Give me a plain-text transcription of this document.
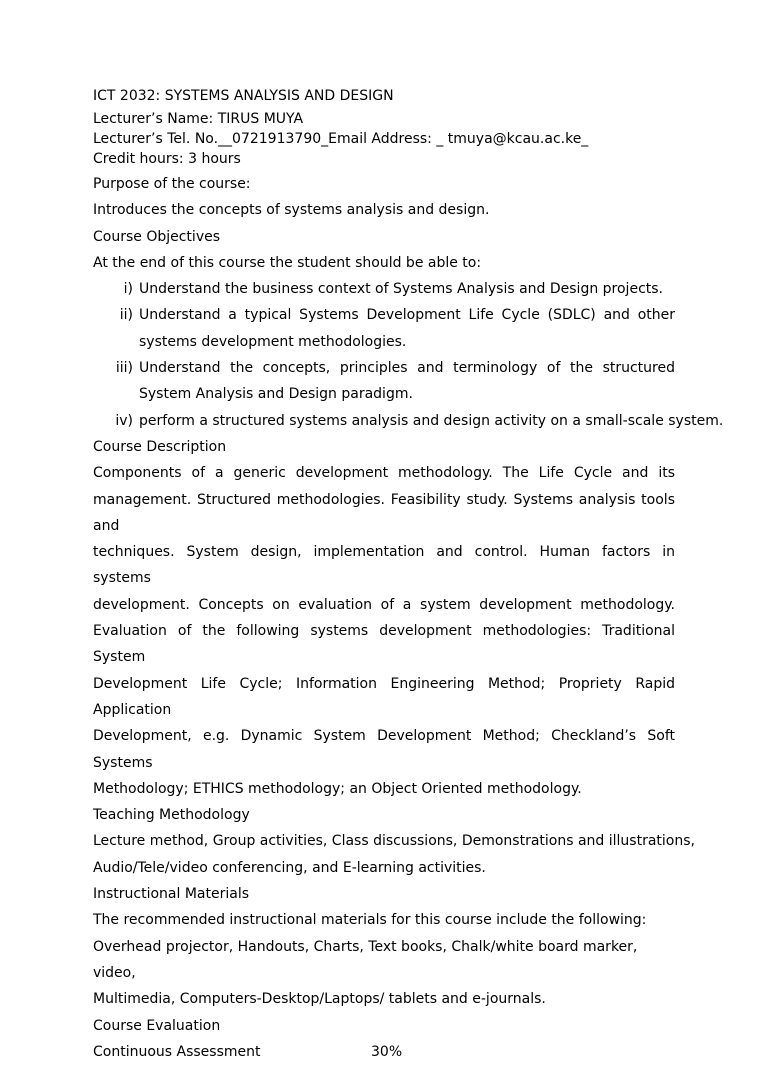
ICT 2032: SYSTEMS ANALYSIS AND DESIGN
Lecturer’s Name: TIRUS MUYA
Lecturer’s Tel. No.__0721913790_Email Address: _ tmuya@kcau.ac.ke_
Credit hours: 3 hours
Purpose of the course:
Introduces the concepts of systems analysis and design.
Course Objectives
At the end of this course the student should be able to:
i) Understand the business context of Systems Analysis and Design projects.
ii) Understand a typical Systems Development Life Cycle (SDLC) and other systems development methodologies.
iii) Understand the concepts, principles and terminology of the structured System Analysis and Design paradigm.
iv) perform a structured systems analysis and design activity on a small-scale system.
Course Description
Components of a generic development methodology. The Life Cycle and its
management. Structured methodologies. Feasibility study. Systems analysis tools and
techniques. System design, implementation and control. Human factors in systems
development. Concepts on evaluation of a system development methodology.
Evaluation of the following systems development methodologies: Traditional System
Development Life Cycle; Information Engineering Method; Propriety Rapid Application
Development, e.g. Dynamic System Development Method; Checkland’s Soft Systems
Methodology; ETHICS methodology; an Object Oriented methodology.
Teaching Methodology
Lecture method, Group activities, Class discussions, Demonstrations and illustrations,
Audio/Tele/video conferencing, and E-learning activities.
Instructional Materials
The recommended instructional materials for this course include the following:
Overhead projector, Handouts, Charts, Text books, Chalk/white board marker,
video,
Multimedia, Computers-Desktop/Laptops/ tablets and e-journals.
Course Evaluation
Continuous Assessment	30%
